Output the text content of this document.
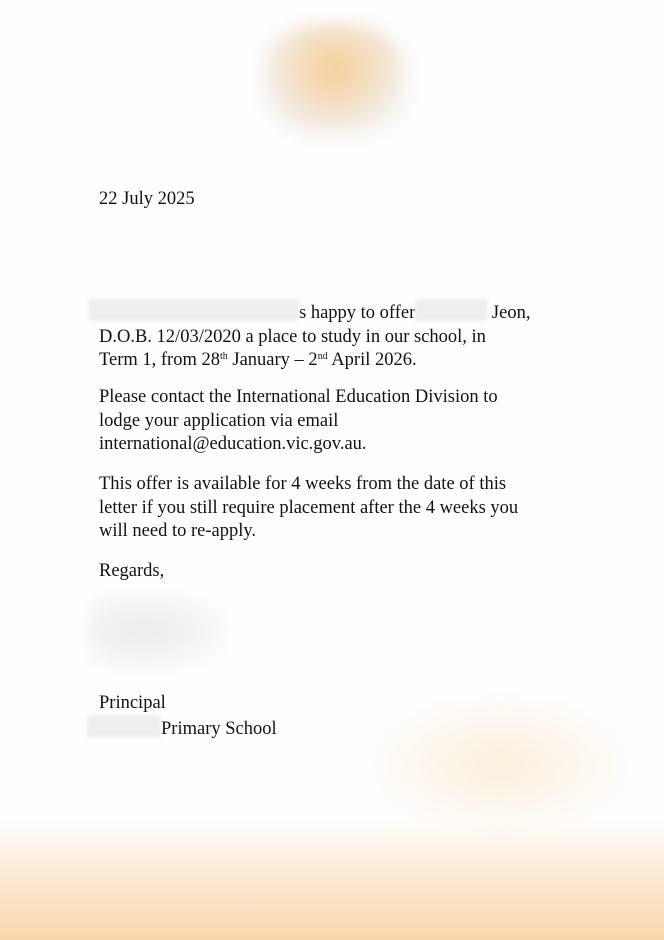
22 July 2025

s happy to offer	Jeon,
D.O.B. 12/03/2020 a place to study in our school, in
Term 1, from 28th January – 2nd April 2026.
Please contact the International Education Division to
lodge your application via email
international@education.vic.gov.au.
This offer is available for 4 weeks from the date of this
letter if you still require placement after the 4 weeks you
will need to re-apply.

Regards,

Principal

Primary School
